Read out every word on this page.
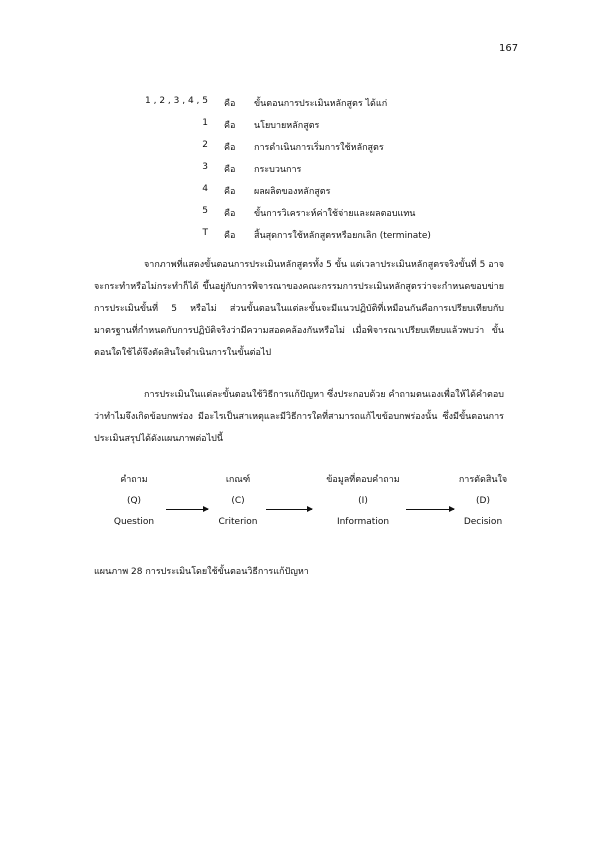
167
1 , 2 , 3 , 4 , 5 คือ ขั้นตอนการประเมินหลักสูตร ได้แก่
1 คือ นโยบายหลักสูตร
2 คือ การดำเนินการเริ่มการใช้หลักสูตร
3 คือ กระบวนการ
4 คือ ผลผลิตของหลักสูตร
5 คือ ขั้นการวิเคราะห์ค่าใช้จ่ายและผลตอบแทน
T คือ สิ้นสุดการใช้หลักสูตรหรือยกเลิก (terminate)
จากภาพที่แสดงขั้นตอนการประเมินหลักสูตรทั้ง 5 ขั้น แต่เวลาประเมินหลักสูตรจริงขั้นที่ 5 อาจจะกระทำหรือไม่กระทำก็ได้ ขึ้นอยู่กับการพิจารณาของคณะกรรมการประเมินหลักสูตรว่าจะกำหนดขอบข่ายการประเมินขั้นที่ 5 หรือไม่ ส่วนขั้นตอนในแต่ละขั้นจะมีแนวปฏิบัติที่เหมือนกันคือการเปรียบเทียบกับมาตรฐานที่กำหนดกับการปฏิบัติจริงว่ามีความสอดคล้องกันหรือไม่ เมื่อพิจารณาเปรียบเทียบแล้วพบว่า ขั้นตอนใดใช้ได้จึงตัดสินใจดำเนินการในขั้นต่อไป
การประเมินในแต่ละขั้นตอนใช้วิธีการแก้ปัญหา ซึ่งประกอบด้วย คำถามตนเองเพื่อให้ได้คำตอบว่าทำไมจึงเกิดข้อบกพร่อง มีอะไรเป็นสาเหตุและมีวิธีการใดที่สามารถแก้ไขข้อบกพร่องนั้น ซึ่งมีขั้นตอนการประเมินสรุปได้ดังแผนภาพต่อไปนี้
คำถาม
(Q)
Question
เกณฑ์
(C)
Criterion
ข้อมูลที่ตอบคำถาม
(I)
Information
การตัดสินใจ
(D)
Decision
แผนภาพ 28 การประเมินโดยใช้ขั้นตอนวิธีการแก้ปัญหา
